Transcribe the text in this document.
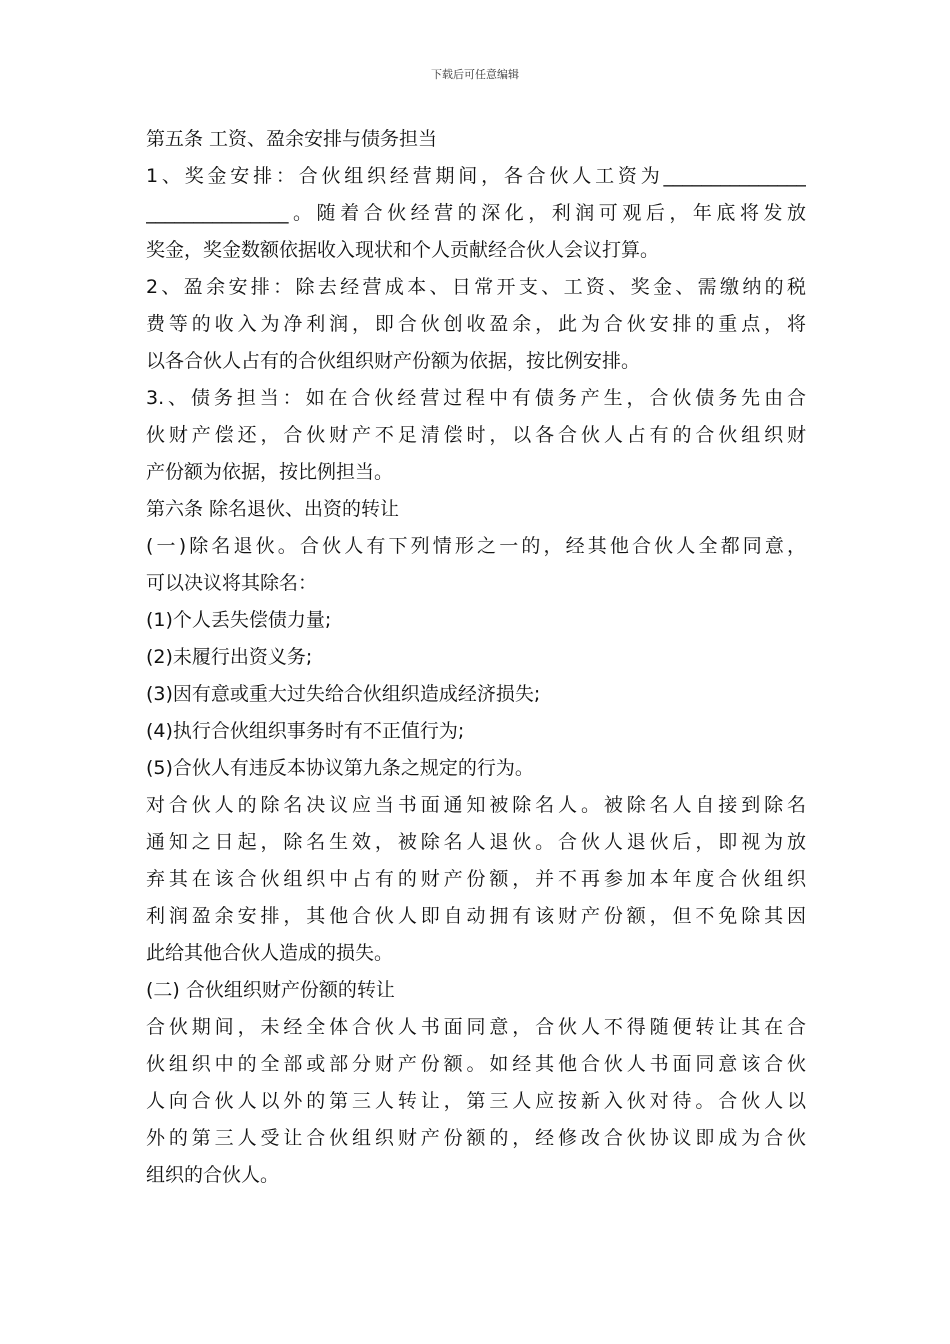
下载后可任意编辑
第五条 工资、盈余安排与债务担当
1、奖金安排：合伙组织经营期间，各合伙人工资为_______________
_______________。随着合伙经营的深化，利润可观后，年底将发放
奖金，奖金数额依据收入现状和个人贡献经合伙人会议打算。
2、盈余安排：除去经营成本、日常开支、工资、奖金、需缴纳的税
费等的收入为净利润，即合伙创收盈余，此为合伙安排的重点，将
以各合伙人占有的合伙组织财产份额为依据，按比例安排。
3.、债务担当：如在合伙经营过程中有债务产生，合伙债务先由合
伙财产偿还，合伙财产不足清偿时，以各合伙人占有的合伙组织财
产份额为依据，按比例担当。
第六条 除名退伙、出资的转让
(一)除名退伙。合伙人有下列情形之一的，经其他合伙人全都同意，
可以决议将其除名：
(1)个人丢失偿债力量;
(2)未履行出资义务;
(3)因有意或重大过失给合伙组织造成经济损失;
(4)执行合伙组织事务时有不正值行为;
(5)合伙人有违反本协议第九条之规定的行为。
对合伙人的除名决议应当书面通知被除名人。被除名人自接到除名
通知之日起，除名生效，被除名人退伙。合伙人退伙后，即视为放
弃其在该合伙组织中占有的财产份额，并不再参加本年度合伙组织
利润盈余安排，其他合伙人即自动拥有该财产份额，但不免除其因
此给其他合伙人造成的损失。
(二) 合伙组织财产份额的转让
合伙期间，未经全体合伙人书面同意，合伙人不得随便转让其在合
伙组织中的全部或部分财产份额。如经其他合伙人书面同意该合伙
人向合伙人以外的第三人转让，第三人应按新入伙对待。合伙人以
外的第三人受让合伙组织财产份额的，经修改合伙协议即成为合伙
组织的合伙人。
